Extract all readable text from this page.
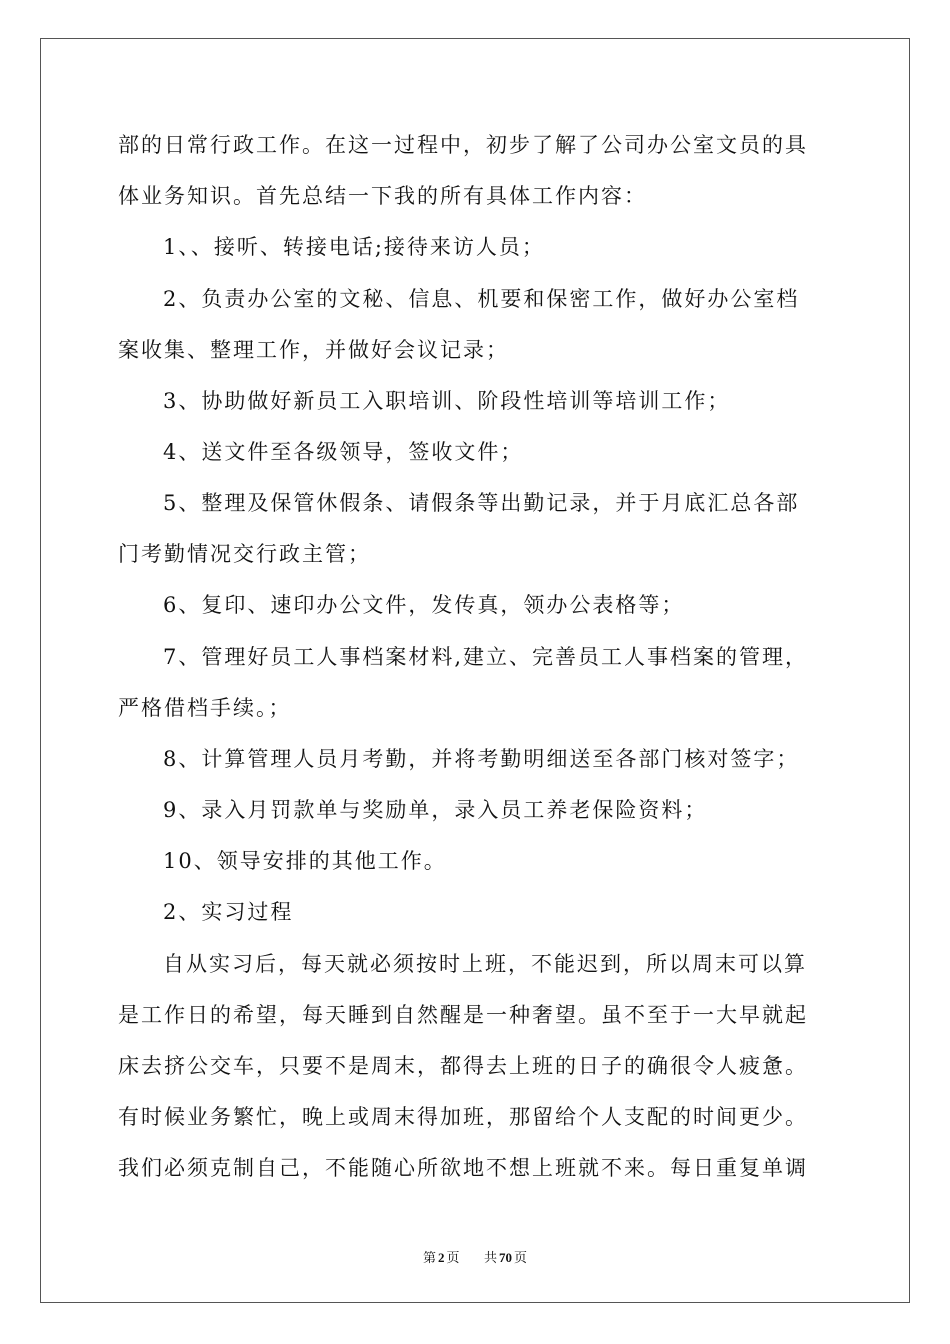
部的日常行政工作。在这一过程中，初步了解了公司办公室文员的具
体业务知识。首先总结一下我的所有具体工作内容：
1、、接听、转接电话;接待来访人员；
2、负责办公室的文秘、信息、机要和保密工作，做好办公室档
案收集、整理工作，并做好会议记录；
3、协助做好新员工入职培训、阶段性培训等培训工作；
4、送文件至各级领导，签收文件；
5、整理及保管休假条、请假条等出勤记录，并于月底汇总各部
门考勤情况交行政主管；
6、复印、速印办公文件，发传真，领办公表格等；
7、管理好员工人事档案材料,建立、完善员工人事档案的管理，
严格借档手续。；
8、计算管理人员月考勤，并将考勤明细送至各部门核对签字；
9、录入月罚款单与奖励单，录入员工养老保险资料；
10、领导安排的其他工作。
2、实习过程
自从实习后，每天就必须按时上班，不能迟到，所以周末可以算
是工作日的希望，每天睡到自然醒是一种奢望。虽不至于一大早就起
床去挤公交车，只要不是周末，都得去上班的日子的确很令人疲惫。
有时候业务繁忙，晚上或周末得加班，那留给个人支配的时间更少。
我们必须克制自己，不能随心所欲地不想上班就不来。每日重复单调
第 2 页 共 70 页
